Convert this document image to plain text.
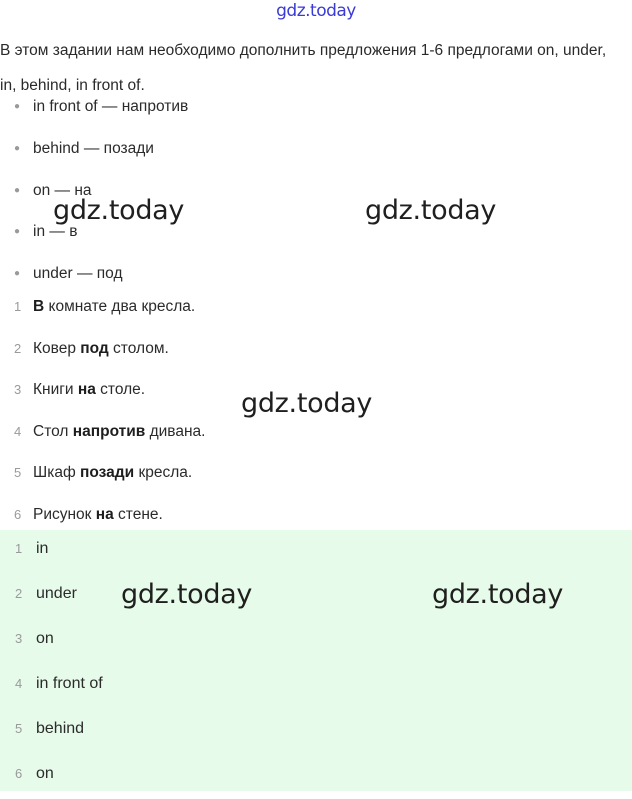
gdz.today
В этом задании нам необходимо дополнить предложения 1-6 предлогами on, under, in, behind, in front of.
● in front of — напротив
● behind — позади
● on — на
● in — в
● under — под
1 В комнате два кресла.
2 Ковер под столом.
3 Книги на столе.
4 Стол напротив дивана.
5 Шкаф позади кресла.
6 Рисунок на стене.
1 in
2 under
3 on
4 in front of
5 behind
6 on
gdz.today	gdz.today
gdz.today
gdz.today	gdz.today
